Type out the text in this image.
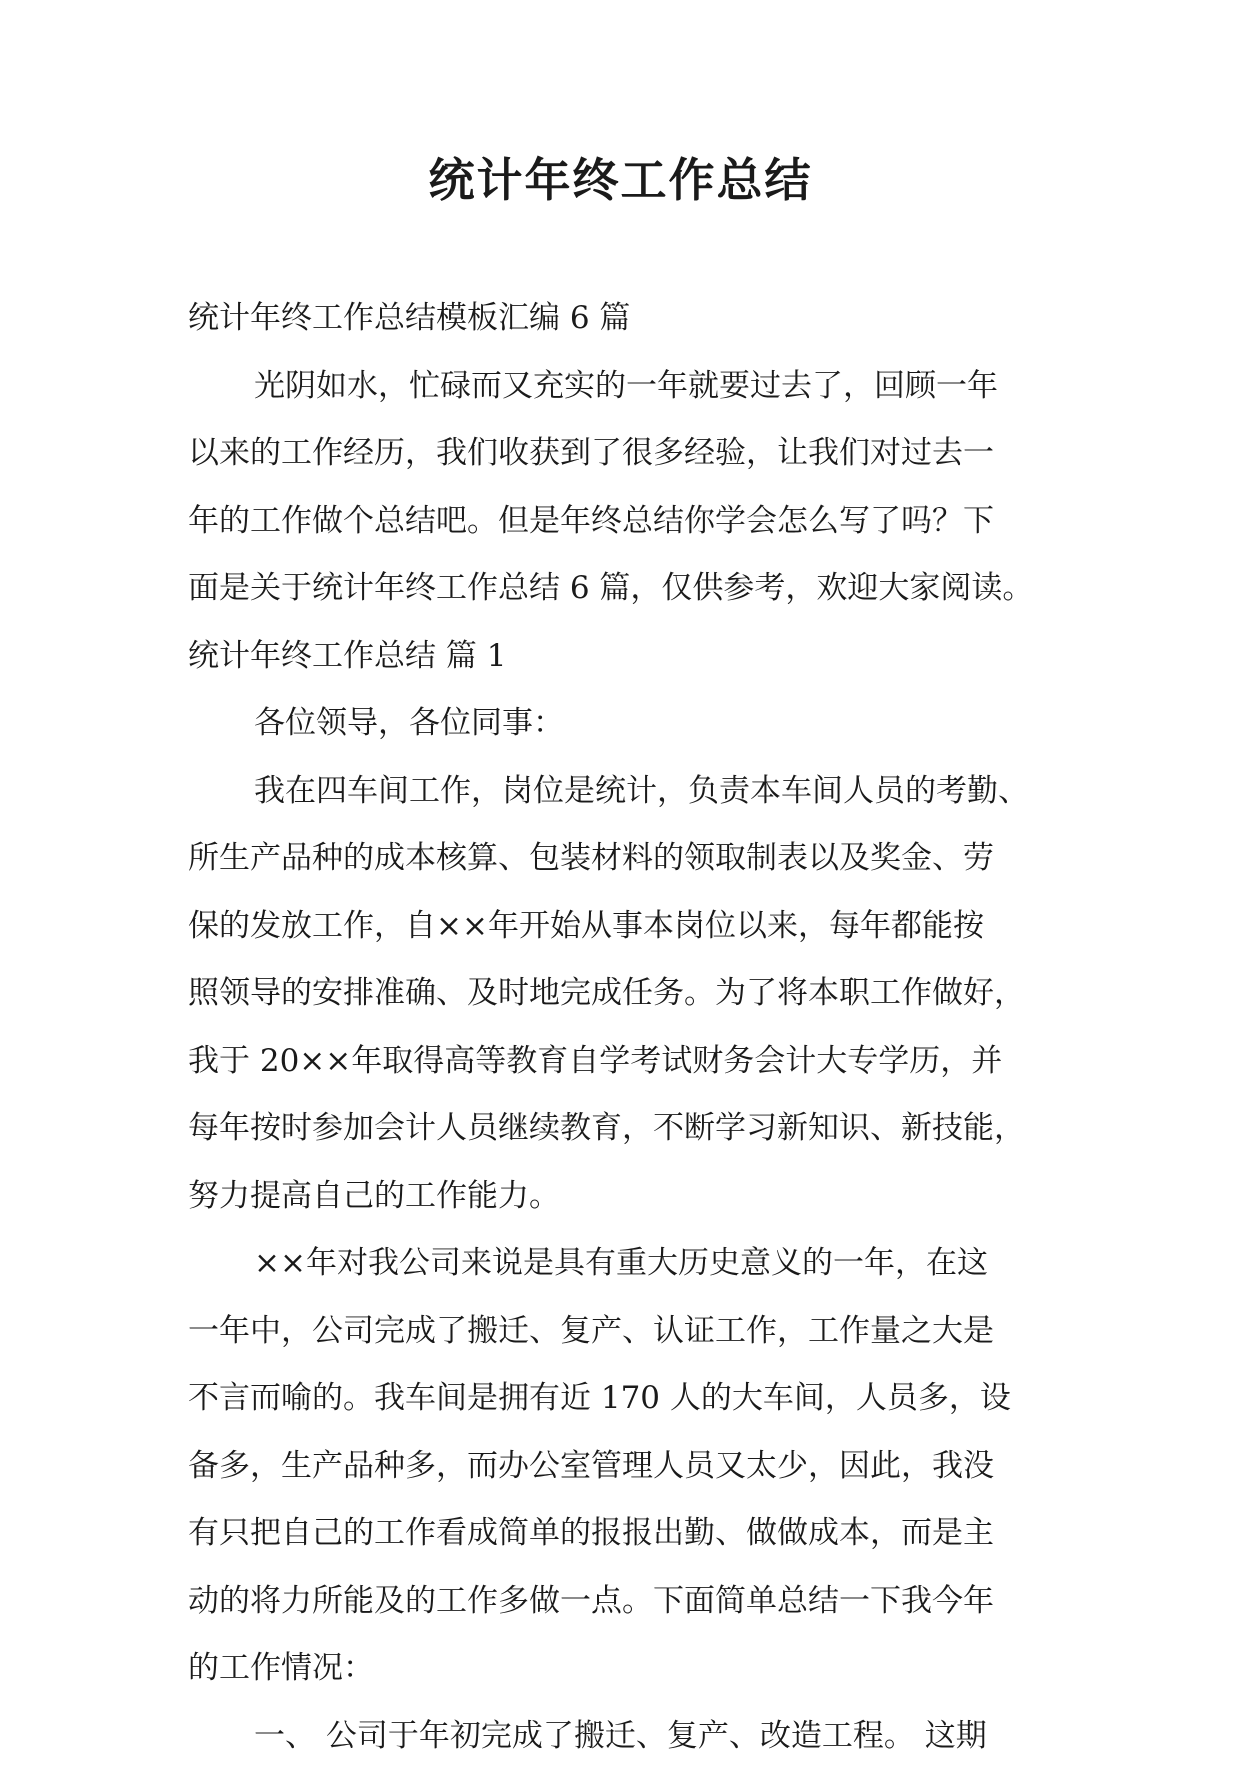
统计年终工作总结

统计年终工作总结模板汇编 6 篇

光阴如水，忙碌而又充实的一年就要过去了，回顾一年

以来的工作经历，我们收获到了很多经验，让我们对过去一

年的工作做个总结吧。但是年终总结你学会怎么写了吗？下

面是关于统计年终工作总结 6 篇，仅供参考，欢迎大家阅读。

统计年终工作总结 篇 1

各位领导，各位同事：

我在四车间工作，岗位是统计，负责本车间人员的考勤、

所生产品种的成本核算、包装材料的领取制表以及奖金、劳

保的发放工作，自××年开始从事本岗位以来，每年都能按

照领导的安排准确、及时地完成任务。为了将本职工作做好，

我于 20××年取得高等教育自学考试财务会计大专学历，并

每年按时参加会计人员继续教育，不断学习新知识、新技能，

努力提高自己的工作能力。

××年对我公司来说是具有重大历史意义的一年，在这

一年中，公司完成了搬迁、复产、认证工作，工作量之大是

不言而喻的。我车间是拥有近 170 人的大车间，人员多，设

备多，生产品种多，而办公室管理人员又太少，因此，我没

有只把自己的工作看成简单的报报出勤、做做成本，而是主

动的将力所能及的工作多做一点。下面简单总结一下我今年

的工作情况：

一、 公司于年初完成了搬迁、复产、改造工程。 这期
